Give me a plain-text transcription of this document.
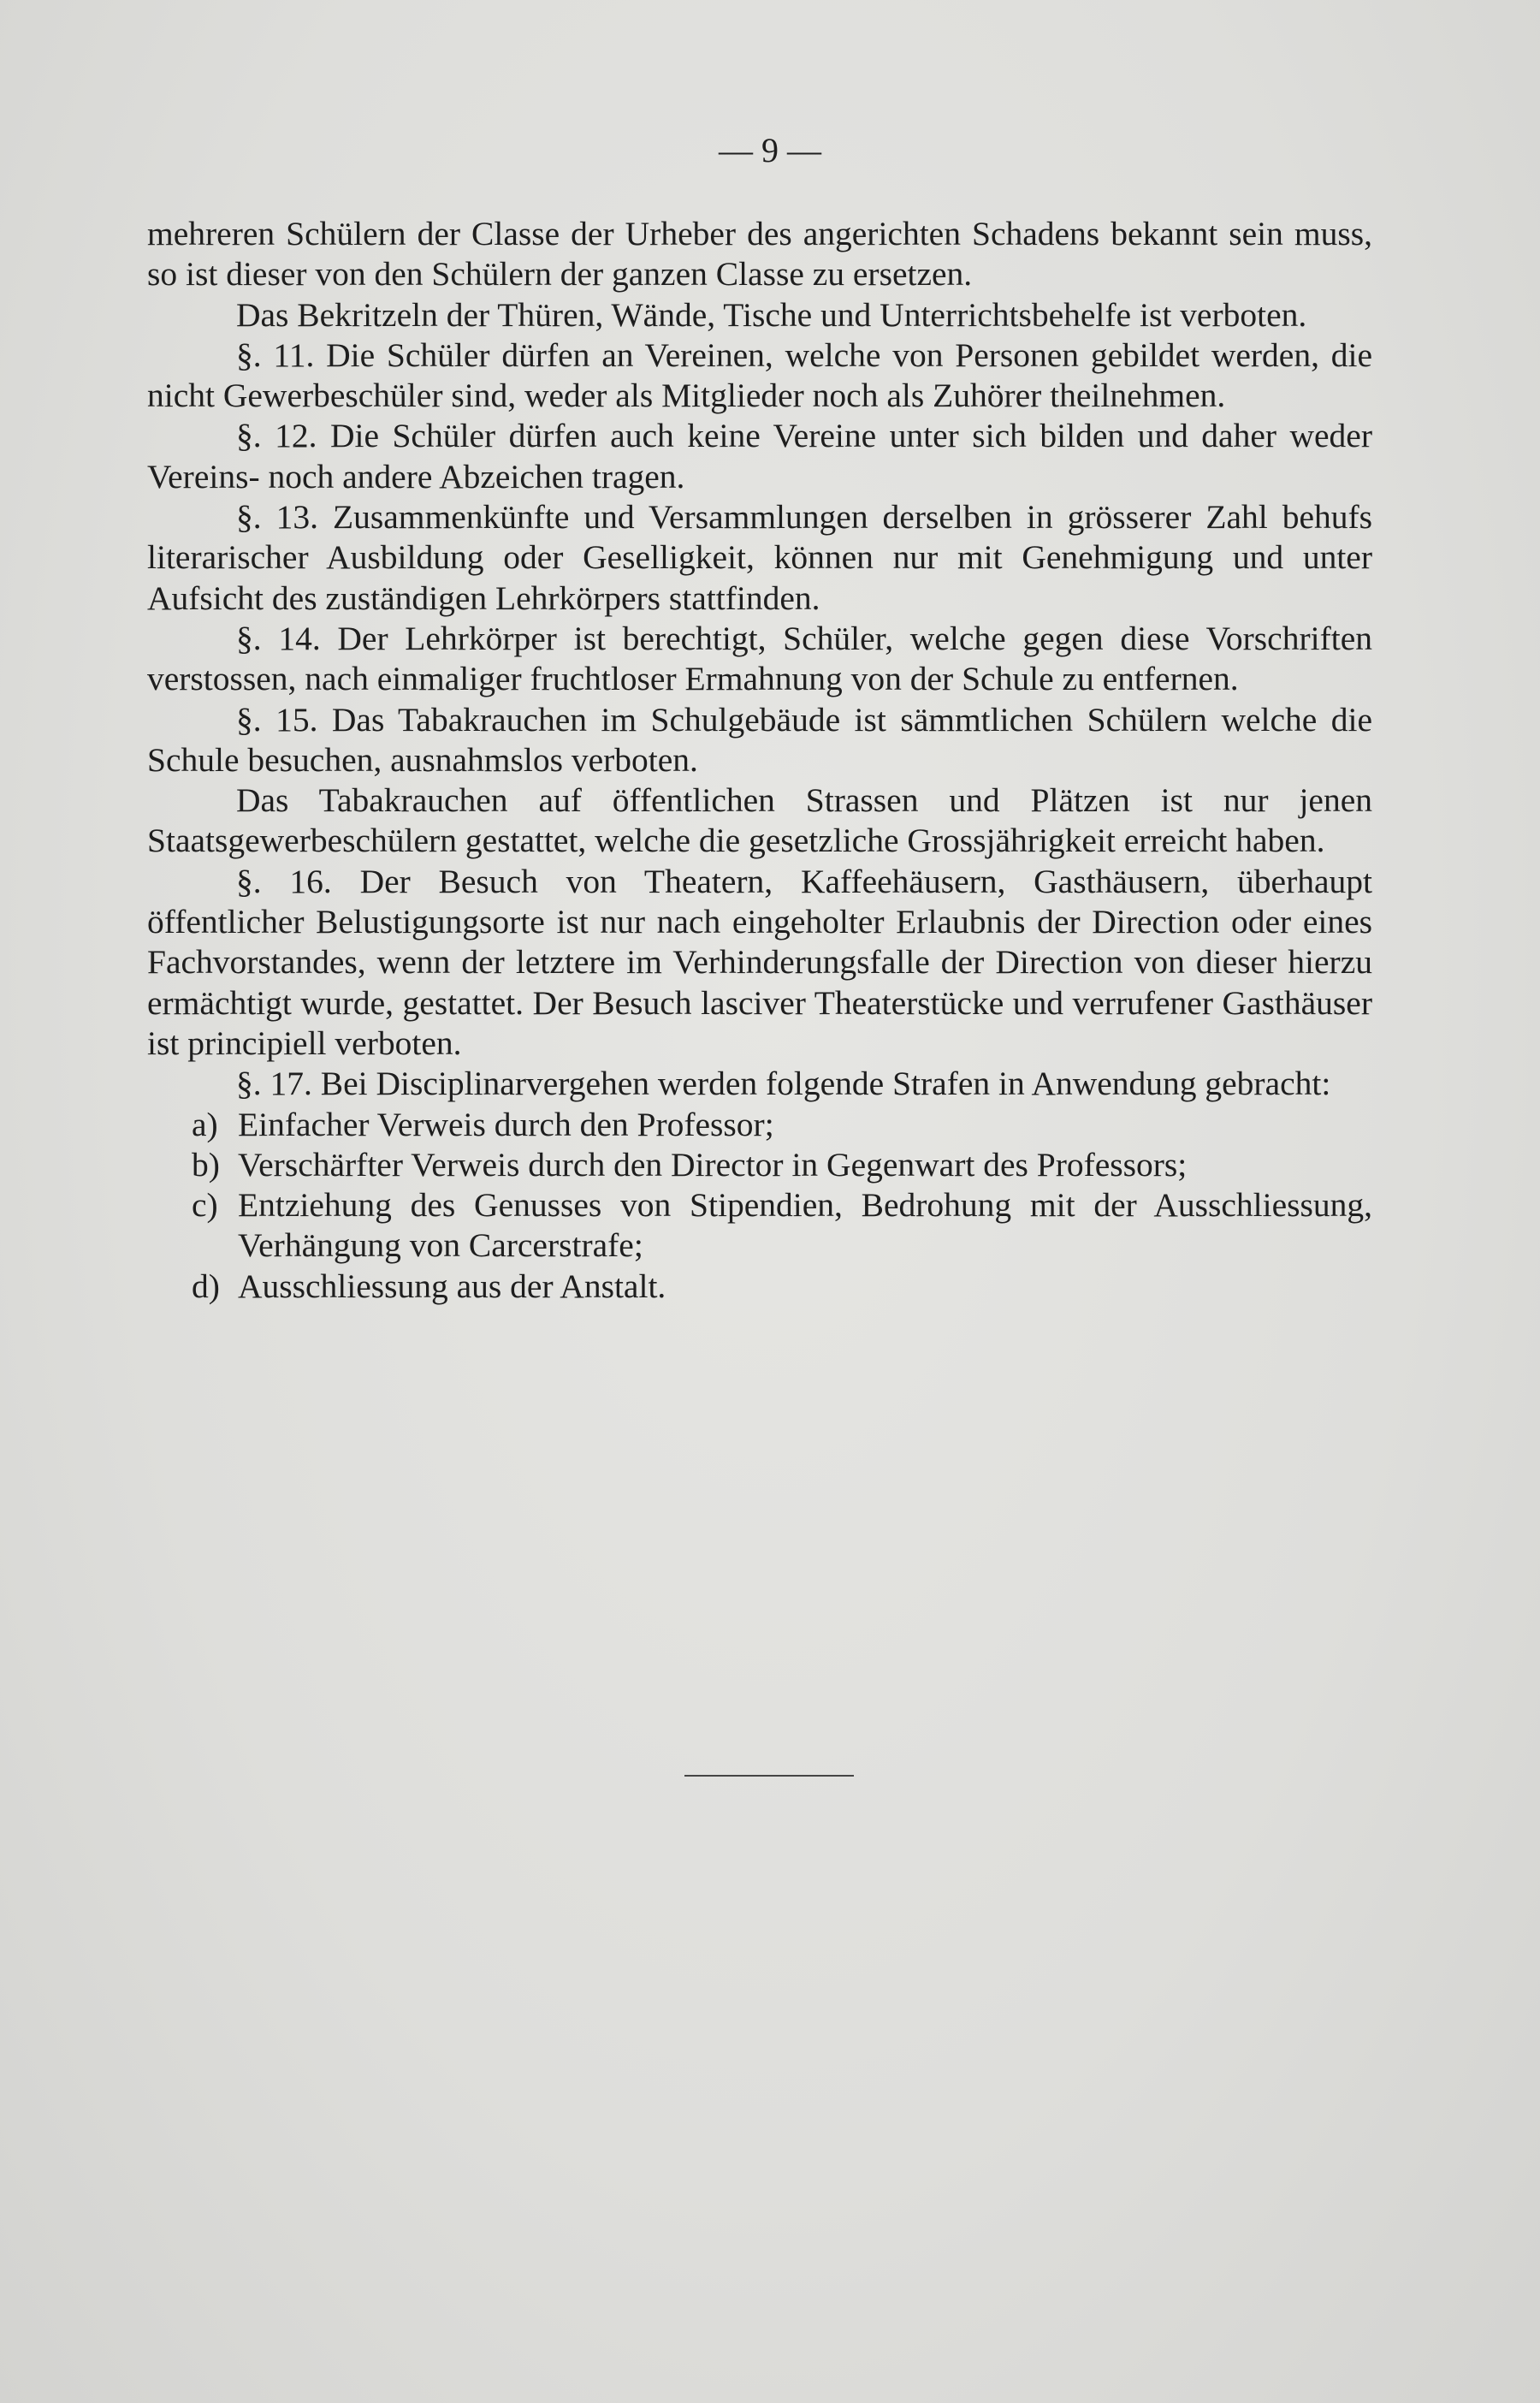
— 9 —

mehreren Schülern der Classe der Urheber des angerichten Schadens bekannt sein muss, so ist dieser von den Schülern der ganzen Classe zu ersetzen.

Das Bekritzeln der Thüren, Wände, Tische und Unterrichtsbehelfe ist verboten.

§. 11. Die Schüler dürfen an Vereinen, welche von Personen gebildet werden, die nicht Gewerbeschüler sind, weder als Mitglieder noch als Zuhörer theilnehmen.

§. 12. Die Schüler dürfen auch keine Vereine unter sich bilden und daher weder Vereins- noch andere Abzeichen tragen.

§. 13. Zusammenkünfte und Versammlungen derselben in grösserer Zahl behufs literarischer Ausbildung oder Geselligkeit, können nur mit Genehmigung und unter Aufsicht des zuständigen Lehrkörpers stattfinden.

§. 14. Der Lehrkörper ist berechtigt, Schüler, welche gegen diese Vorschriften verstossen, nach einmaliger fruchtloser Ermahnung von der Schule zu entfernen.

§. 15. Das Tabakrauchen im Schulgebäude ist sämmtlichen Schülern welche die Schule besuchen, ausnahmslos verboten.

Das Tabakrauchen auf öffentlichen Strassen und Plätzen ist nur jenen Staatsgewerbeschülern gestattet, welche die gesetzliche Grossjährigkeit erreicht haben.

§. 16. Der Besuch von Theatern, Kaffeehäusern, Gasthäusern, überhaupt öffentlicher Belustigungsorte ist nur nach eingeholter Erlaubnis der Direction oder eines Fachvorstandes, wenn der letztere im Verhinderungsfalle der Direction von dieser hierzu ermächtigt wurde, gestattet. Der Besuch lasciver Theaterstücke und verrufener Gasthäuser ist principiell verboten.

§. 17. Bei Disciplinarvergehen werden folgende Strafen in Anwendung gebracht:

a) Einfacher Verweis durch den Professor;

b) Verschärfter Verweis durch den Director in Gegenwart des Professors;

c) Entziehung des Genusses von Stipendien, Bedrohung mit der Ausschliessung, Verhängung von Carcerstrafe;

d) Ausschliessung aus der Anstalt.
